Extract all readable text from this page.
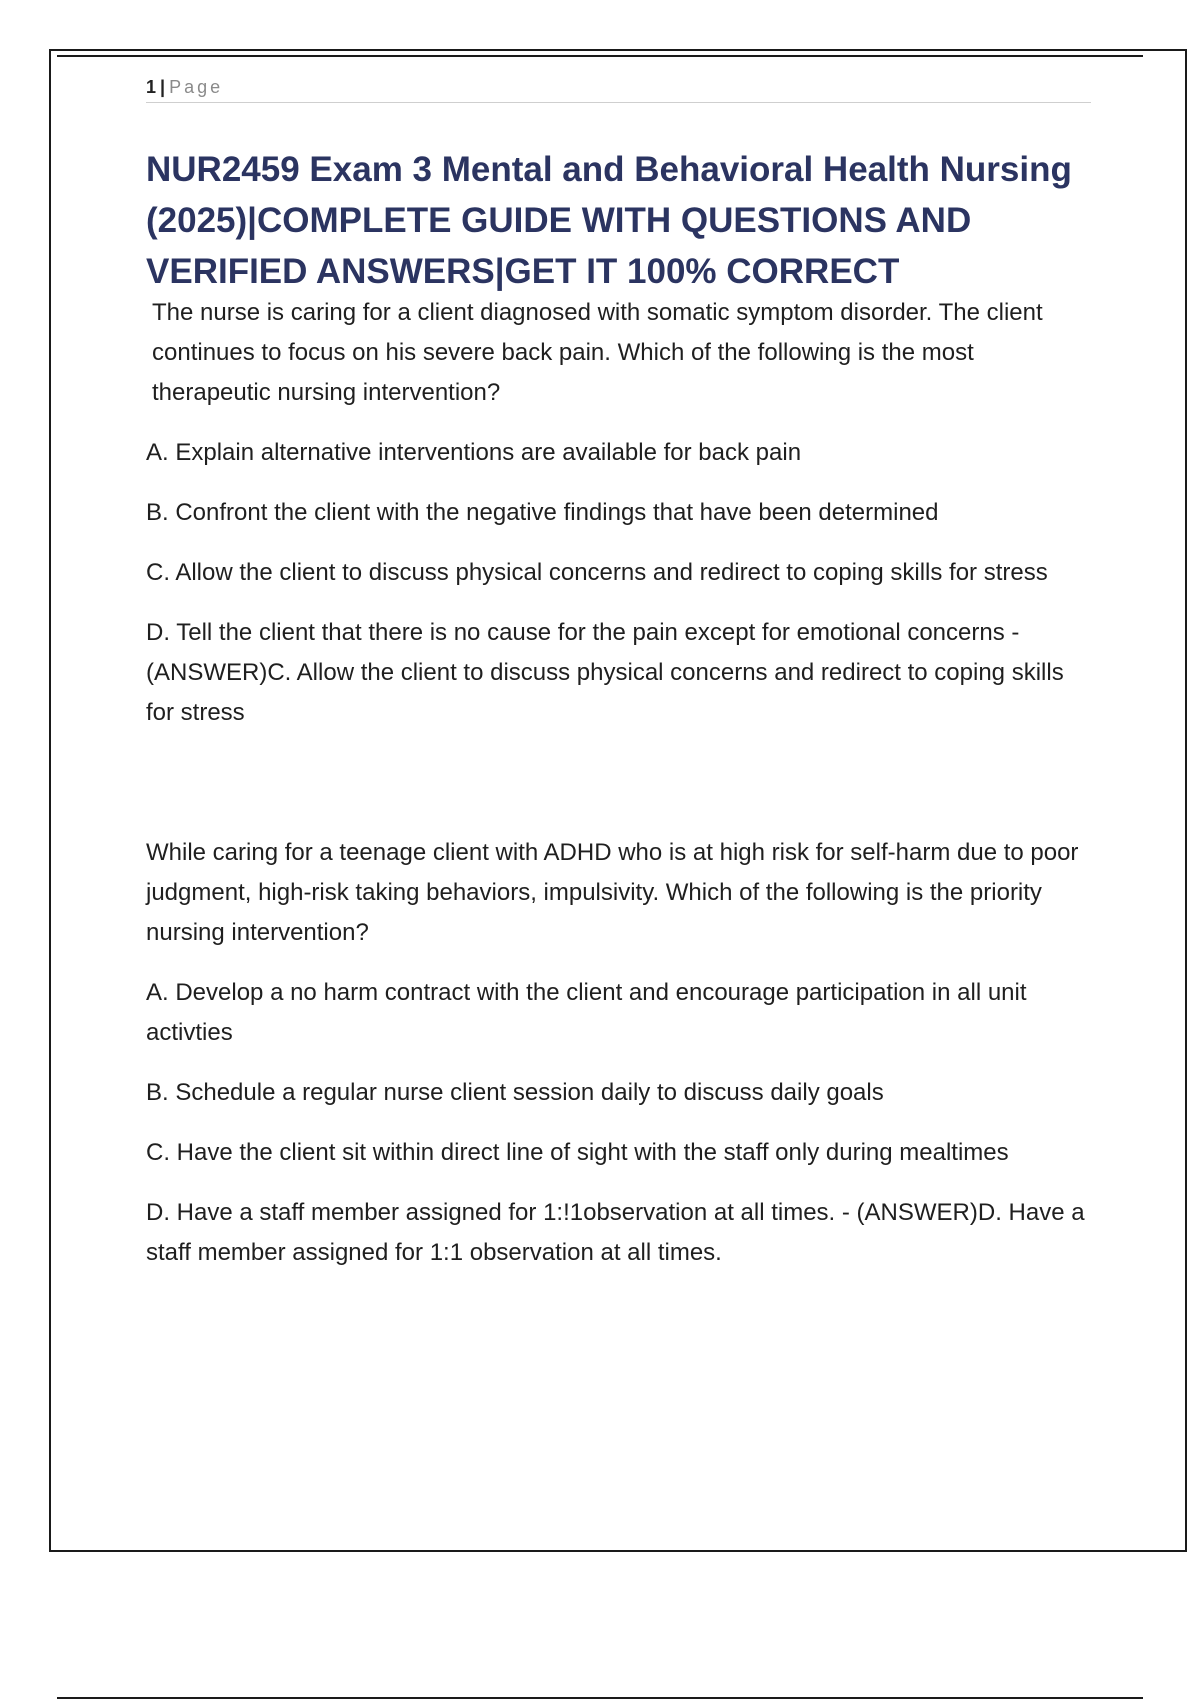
1 | Page
NUR2459 Exam 3 Mental and Behavioral Health Nursing (2025)|COMPLETE GUIDE WITH QUESTIONS AND VERIFIED ANSWERS|GET IT 100% CORRECT

The nurse is caring for a client diagnosed with somatic symptom disorder. The client continues to focus on his severe back pain. Which of the following is the most therapeutic nursing intervention?

A. Explain alternative interventions are available for back pain

B. Confront the client with the negative findings that have been determined

C. Allow the client to discuss physical concerns and redirect to coping skills for stress

D. Tell the client that there is no cause for the pain except for emotional concerns - (ANSWER)C. Allow the client to discuss physical concerns and redirect to coping skills for stress

While caring for a teenage client with ADHD who is at high risk for self-harm due to poor judgment, high-risk taking behaviors, impulsivity. Which of the following is the priority nursing intervention?

A. Develop a no harm contract with the client and encourage participation in all unit activties

B. Schedule a regular nurse client session daily to discuss daily goals

C. Have the client sit within direct line of sight with the staff only during mealtimes

D. Have a staff member assigned for 1:!1observation at all times. - (ANSWER)D. Have a staff member assigned for 1:1 observation at all times.
